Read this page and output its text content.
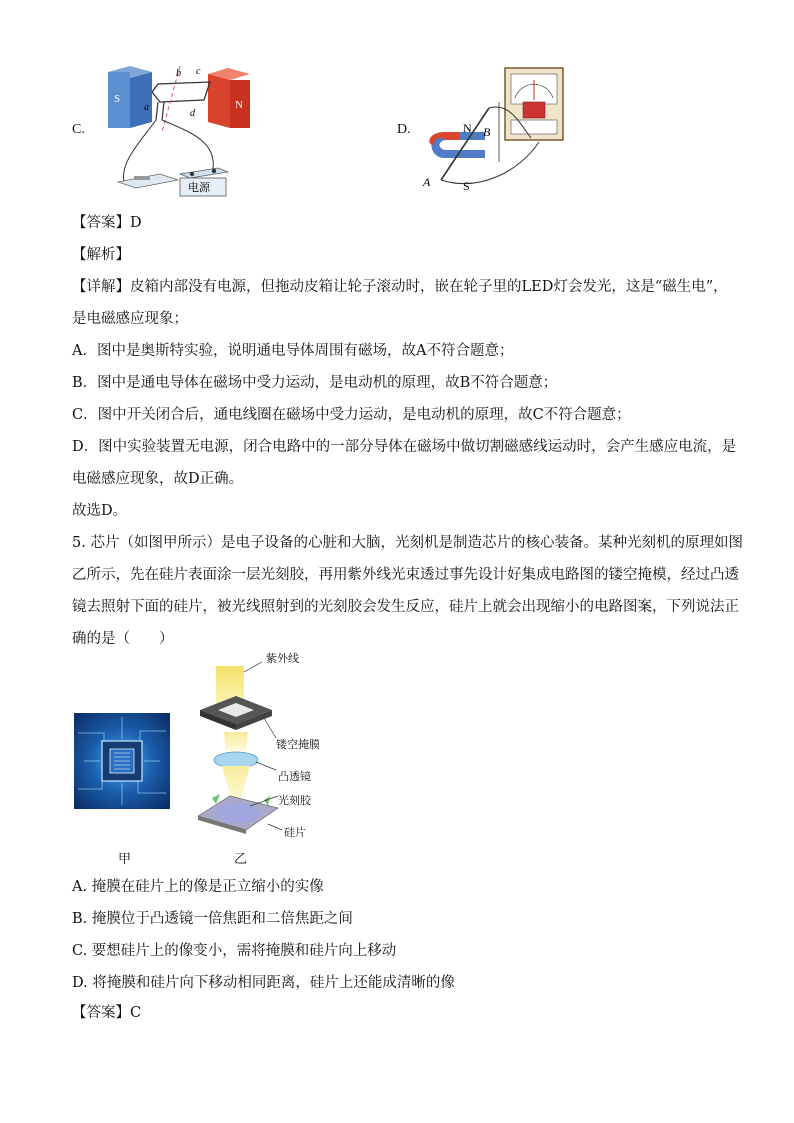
C.
S	N
a
b c
d
电源
D.	N
S
A
B
【答案】D
【解析】
【详解】皮箱内部没有电源，但拖动皮箱让轮子滚动时，嵌在轮子里的LED灯会发光，这是“磁生电”，
是电磁感应现象；
A．图中是奥斯特实验，说明通电导体周围有磁场，故A不符合题意；
B．图中是通电导体在磁场中受力运动，是电动机的原理，故B不符合题意；
C．图中开关闭合后，通电线圈在磁场中受力运动，是电动机的原理，故C不符合题意；
D．图中实验装置无电源，闭合电路中的一部分导体在磁场中做切割磁感线运动时，会产生感应电流，是
电磁感应现象，故D正确。
故选D。
5. 芯片（如图甲所示）是电子设备的心脏和大脑，光刻机是制造芯片的核心装备。某种光刻机的原理如图
乙所示，先在硅片表面涂一层光刻胶，再用紫外线光束透过事先设计好集成电路图的镂空掩模，经过凸透
镜去照射下面的硅片，被光线照射到的光刻胶会发生反应，硅片上就会出现缩小的电路图案，下列说法正
确的是（　　）
甲
紫外线
镂空掩膜
凸透镜
光刻胶
硅片
乙
A. 掩膜在硅片上的像是正立缩小的实像
B. 掩膜位于凸透镜一倍焦距和二倍焦距之间
C. 要想硅片上的像变小，需将掩膜和硅片向上移动
D. 将掩膜和硅片向下移动相同距离，硅片上还能成清晰的像
【答案】C
